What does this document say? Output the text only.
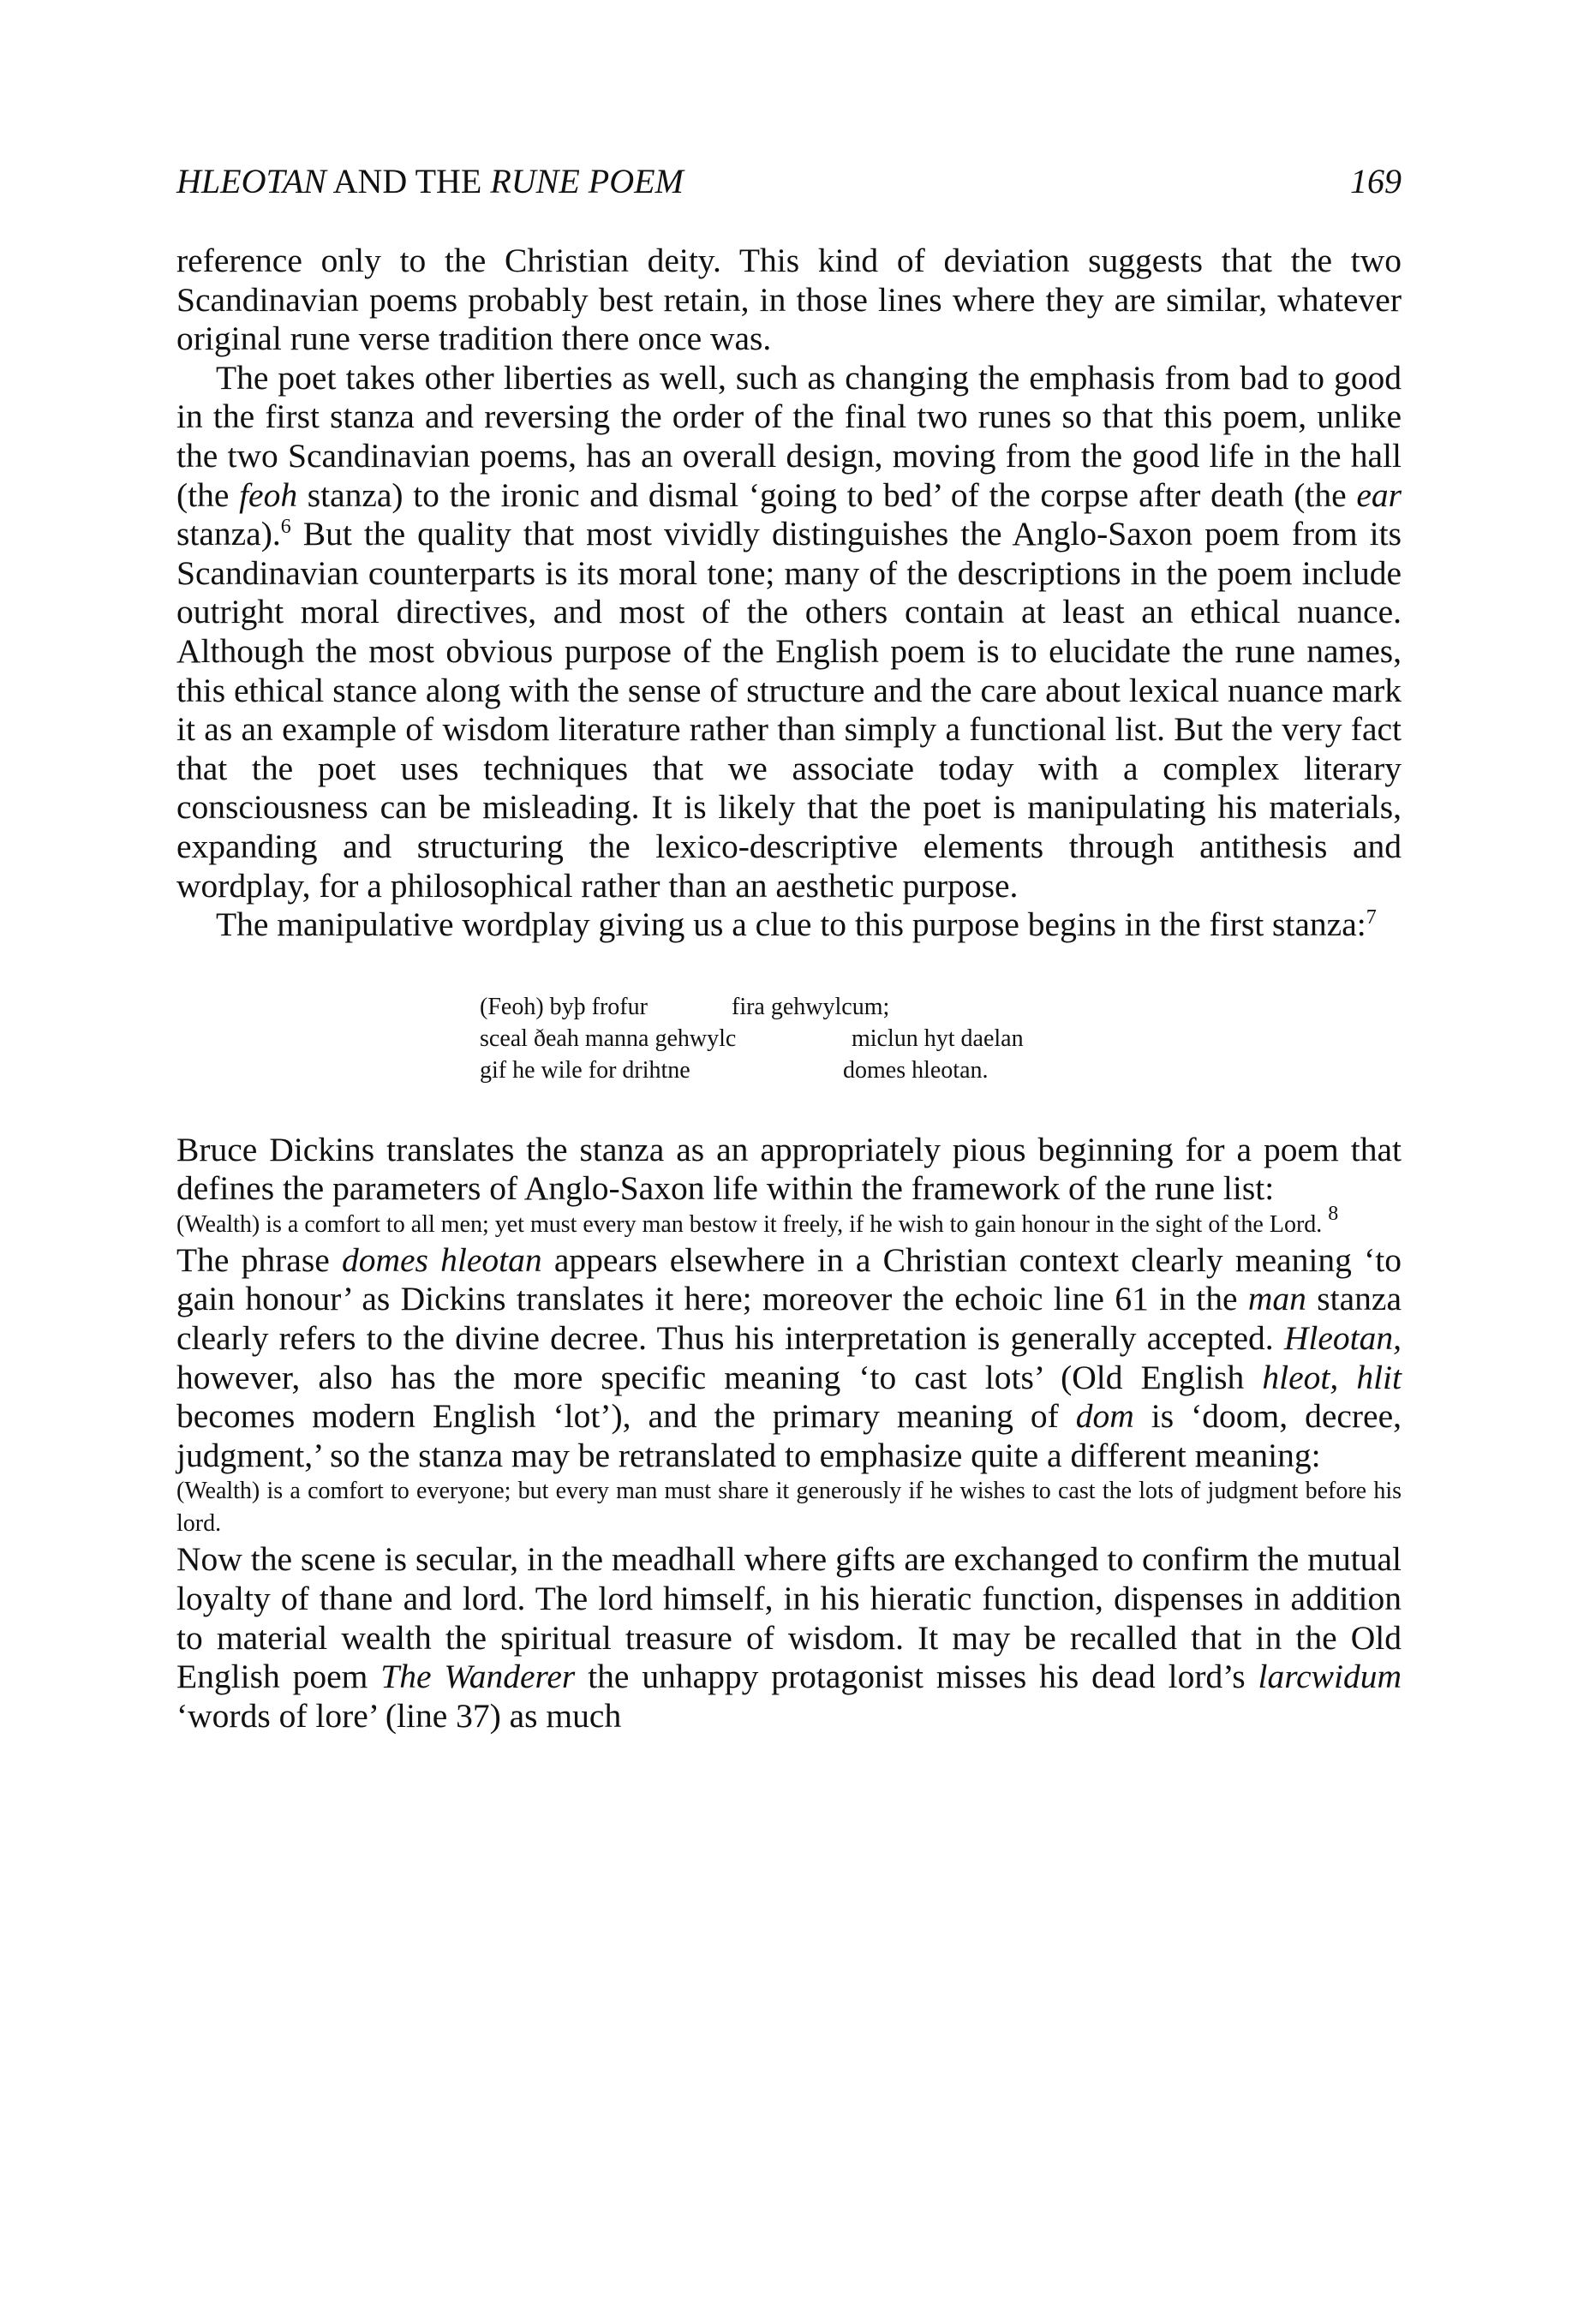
HLEOTAN AND THE RUNE POEM	169

reference only to the Christian deity. This kind of deviation suggests that the two Scandinavian poems probably best retain, in those lines where they are similar, whatever original rune verse tradition there once was.

The poet takes other liberties as well, such as changing the emphasis from bad to good in the first stanza and reversing the order of the final two runes so that this poem, unlike the two Scandinavian poems, has an overall design, moving from the good life in the hall (the feoh stanza) to the ironic and dismal ‘going to bed’ of the corpse after death (the ear stanza).$^6$ But the quality that most vividly distinguishes the Anglo-Saxon poem from its Scandinavian counterparts is its moral tone; many of the descriptions in the poem include outright moral directives, and most of the others contain at least an ethical nuance. Although the most obvious purpose of the English poem is to elucidate the rune names, this ethical stance along with the sense of structure and the care about lexical nuance mark it as an example of wisdom literature rather than simply a functional list. But the very fact that the poet uses techniques that we associate today with a complex literary consciousness can be misleading. It is likely that the poet is manipulating his materials, expanding and structuring the lexico-descriptive elements through antithesis and wordplay, for a philosophical rather than an aesthetic purpose.

The manipulative wordplay giving us a clue to this purpose begins in the first stanza:$^7$

(Feoh) byþ frofur	fira gehwylcum;
sceal ðeah manna gehwylc	miclun hyt daelan
gif he wile for drihtne	domes hleotan.

Bruce Dickins translates the stanza as an appropriately pious beginning for a poem that defines the parameters of Anglo-Saxon life within the framework of the rune list:

(Wealth) is a comfort to all men; yet must every man bestow it freely, if he wish to gain honour in the sight of the Lord. $^8$

The phrase domes hleotan appears elsewhere in a Christian context clearly meaning ‘to gain honour’ as Dickins translates it here; moreover the echoic line 61 in the man stanza clearly refers to the divine decree. Thus his interpretation is generally accepted. Hleotan, however, also has the more specific meaning ‘to cast lots’ (Old English hleot, hlit becomes modern English ‘lot’), and the primary meaning of dom is ‘doom, decree, judgment,’ so the stanza may be retranslated to emphasize quite a different meaning:

(Wealth) is a comfort to everyone; but every man must share it generously if he wishes to cast the lots of judgment before his lord.

Now the scene is secular, in the meadhall where gifts are exchanged to confirm the mutual loyalty of thane and lord. The lord himself, in his hieratic function, dispenses in addition to material wealth the spiritual treasure of wisdom. It may be recalled that in the Old English poem The Wanderer the unhappy protagonist misses his dead lord’s larcwidum ‘words of lore’ (line 37) as much
